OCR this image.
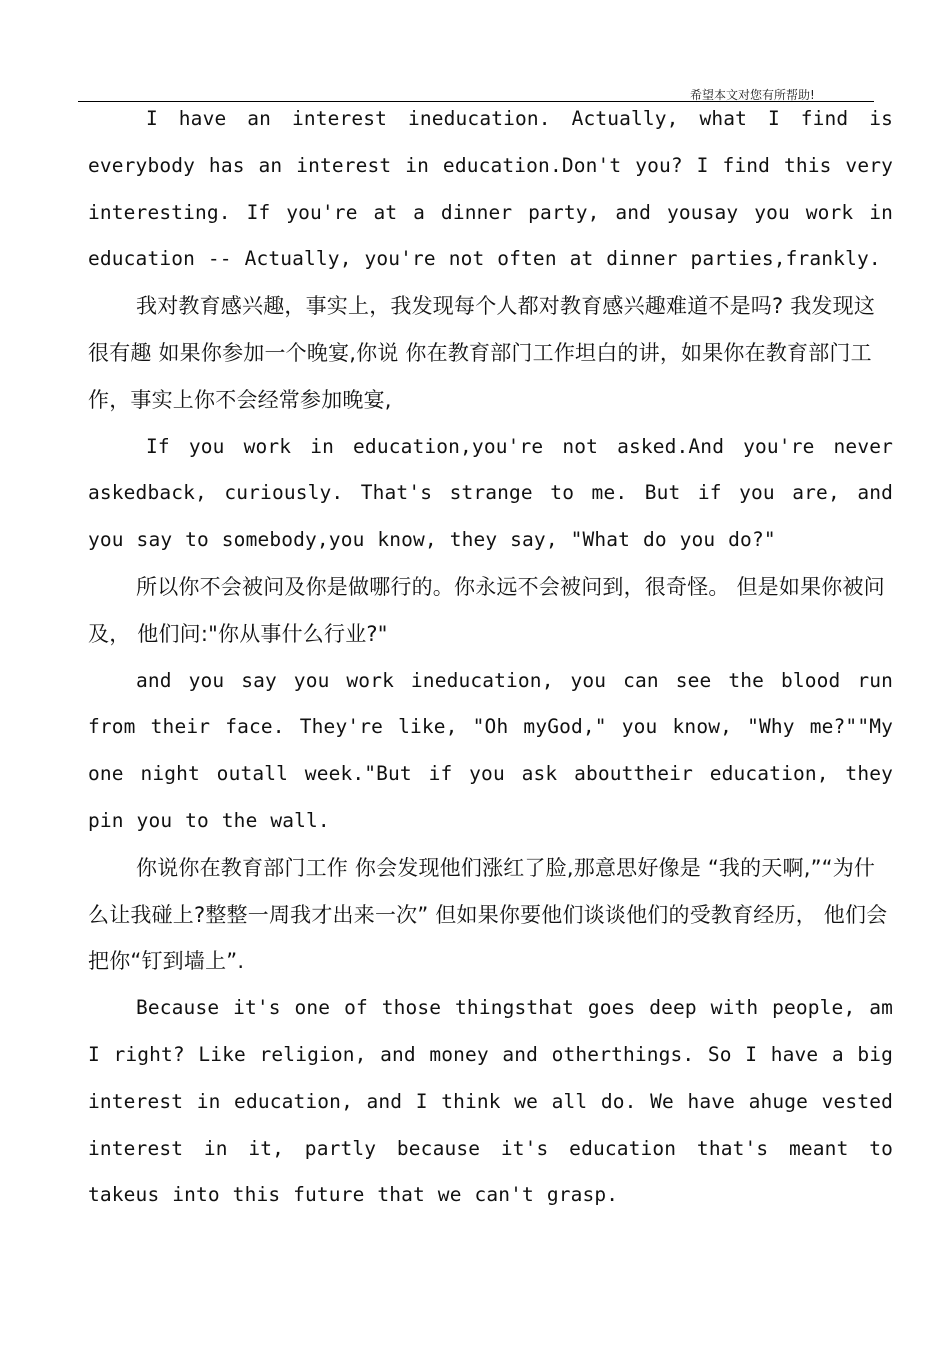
希望本文对您有所帮助!

I have an interest ineducation. Actually, what I find is everybody has an interest in education.Don't you? I find this very interesting. If you're at a dinner party, and yousay you work in education -- Actually, you're not often at dinner parties,frankly.

我对教育感兴趣，事实上，我发现每个人都对教育感兴趣难道不是吗? 我发现这很有趣 如果你参加一个晚宴,你说 你在教育部门工作坦白的讲，如果你在教育部门工作，事实上你不会经常参加晚宴,

If you work in education,you're not asked.And you're never askedback, curiously. That's strange to me. But if you are, and you say to somebody,you know, they say, "What do you do?"

所以你不会被问及你是做哪行的。你永远不会被问到，很奇怪。 但是如果你被问及， 他们问:"你从事什么行业?"

and you say you work ineducation, you can see the blood run from their face. They're like, "Oh myGod," you know, "Why me?""My one night outall week."But if you ask abouttheir education, they pin you to the wall.

你说你在教育部门工作 你会发现他们涨红了脸,那意思好像是 “我的天啊,”“为什么让我碰上?整整一周我才出来一次” 但如果你要他们谈谈他们的受教育经历， 他们会把你“钉到墙上”.

Because it's one of those thingsthat goes deep with people, am I right? Like religion, and money and otherthings. So I have a big interest in education, and I think we all do. We have ahuge vested interest in it, partly because it's education that's meant to takeus into this future that we can't grasp.
